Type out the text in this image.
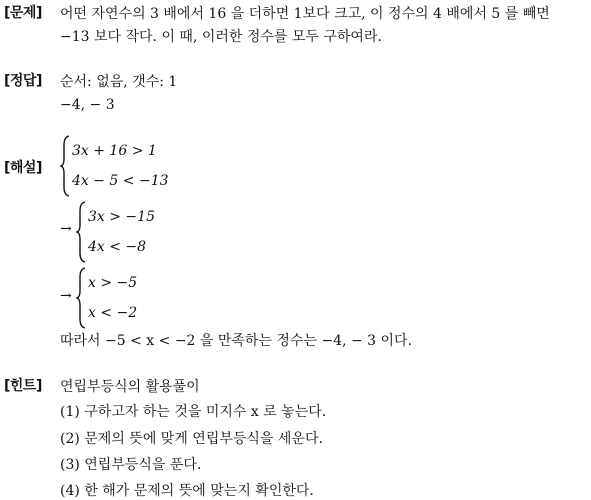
[문제] 어떤 자연수의 3 배에서 16 을 더하면 1보다 크고, 이 정수의 4 배에서 5 를 빼면
−13 보다 작다. 이 때, 이러한 정수를 모두 구하여라.
[정답] 순서: 없음, 갯수: 1
−4, − 3
[해설]
3x + 16 > 1
4x − 5 < −13
→
3x > −15
4x < −8
→
x > −5
x < −2
따라서 −5 < x < −2 을 만족하는 정수는 −4, − 3 이다.
[힌트] 연립부등식의 활용풀이
(1) 구하고자 하는 것을 미지수 x 로 놓는다.
(2) 문제의 뜻에 맞게 연립부등식을 세운다.
(3) 연립부등식을 푼다.
(4) 한 해가 문제의 뜻에 맞는지 확인한다.
